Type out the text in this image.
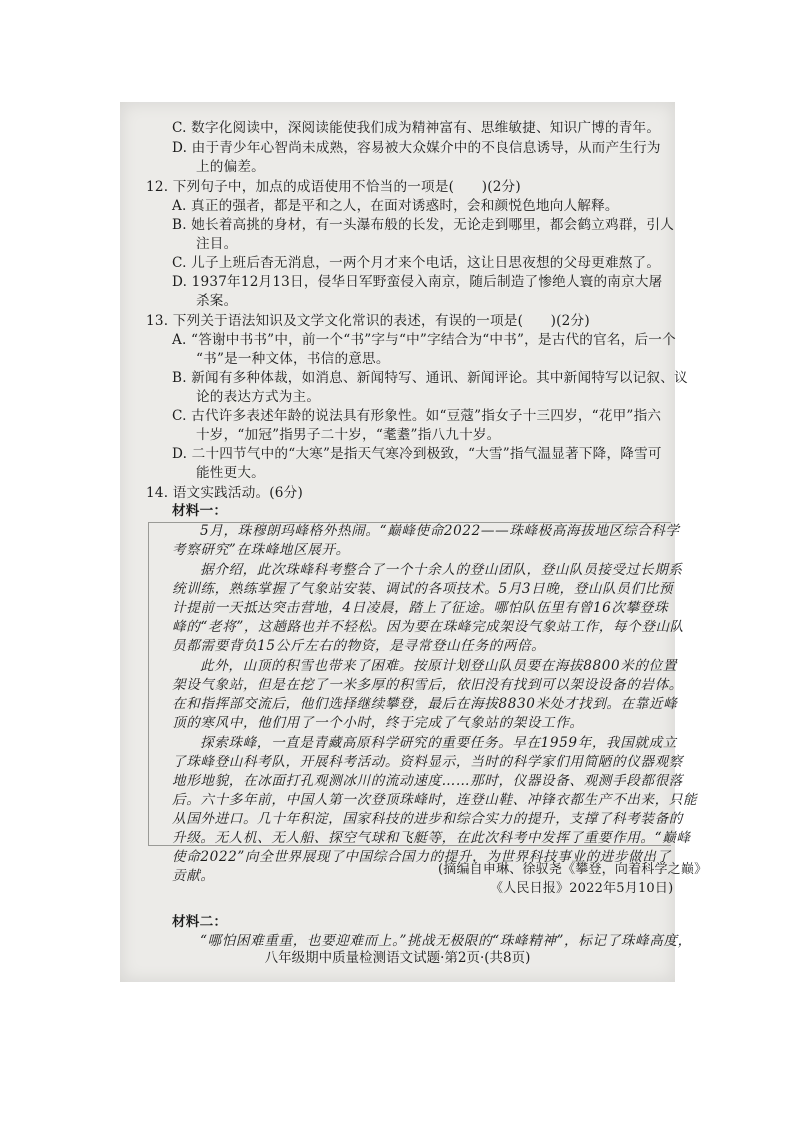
C. 数字化阅读中，深阅读能使我们成为精神富有、思维敏捷、知识广博的青年。
D. 由于青少年心智尚未成熟，容易被大众媒介中的不良信息诱导，从而产生行为
上的偏差。
12. 下列句子中，加点的成语使用不恰当的一项是(　　)(2分)
A. 真正的强者，都是平和之人，在面对诱惑时，会和颜悦色地向人解释。
B. 她长着高挑的身材，有一头瀑布般的长发，无论走到哪里，都会鹤立鸡群，引人
注目。
C. 儿子上班后杳无消息，一两个月才来个电话，这让日思夜想的父母更难熬了。
D. 1937年12月13日，侵华日军野蛮侵入南京，随后制造了惨绝人寰的南京大屠
杀案。
13. 下列关于语法知识及文学文化常识的表述，有误的一项是(　　)(2分)
A. “答谢中书书”中，前一个“书”字与“中”字结合为“中书”，是古代的官名，后一个
“书”是一种文体，书信的意思。
B. 新闻有多种体裁，如消息、新闻特写、通讯、新闻评论。其中新闻特写以记叙、议
论的表达方式为主。
C. 古代许多表述年龄的说法具有形象性。如“豆蔻”指女子十三四岁，“花甲”指六
十岁，“加冠”指男子二十岁，“耄耋”指八九十岁。
D. 二十四节气中的“大寒”是指天气寒冷到极致，“大雪”指气温显著下降，降雪可
能性更大。
14. 语文实践活动。(6分)
材料一：
5月，珠穆朗玛峰格外热闹。“巅峰使命2022——珠峰极高海拔地区综合科学
考察研究”在珠峰地区展开。
据介绍，此次珠峰科考整合了一个十余人的登山团队，登山队员接受过长期系
统训练，熟练掌握了气象站安装、调试的各项技术。5月3日晚，登山队员们比预
计提前一天抵达突击营地，4日凌晨，踏上了征途。哪怕队伍里有曾16次攀登珠
峰的“老将”，这趟路也并不轻松。因为要在珠峰完成架设气象站工作，每个登山队
员都需要背负15公斤左右的物资，是寻常登山任务的两倍。
此外，山顶的积雪也带来了困难。按原计划登山队员要在海拔8800米的位置
架设气象站，但是在挖了一米多厚的积雪后，依旧没有找到可以架设设备的岩体。
在和指挥部交流后，他们选择继续攀登，最后在海拔8830米处才找到。在靠近峰
顶的寒风中，他们用了一个小时，终于完成了气象站的架设工作。
探索珠峰，一直是青藏高原科学研究的重要任务。早在1959年，我国就成立
了珠峰登山科考队，开展科考活动。资料显示，当时的科学家们用简陋的仪器观察
地形地貌，在冰面打孔观测冰川的流动速度……那时，仪器设备、观测手段都很落
后。六十多年前，中国人第一次登顶珠峰时，连登山鞋、冲锋衣都生产不出来，只能
从国外进口。几十年积淀，国家科技的进步和综合实力的提升，支撑了科考装备的
升级。无人机、无人船、探空气球和飞艇等，在此次科考中发挥了重要作用。“巅峰
使命2022”向全世界展现了中国综合国力的提升，为世界科技事业的进步做出了
贡献。	(摘编自申琳、徐驭尧《攀登，向着科学之巅》
《人民日报》2022年5月10日)
材料二：
“哪怕困难重重，也要迎难而上。”挑战无极限的“珠峰精神”，标记了珠峰高度，
八年级期中质量检测语文试题·第2页·(共8页)
